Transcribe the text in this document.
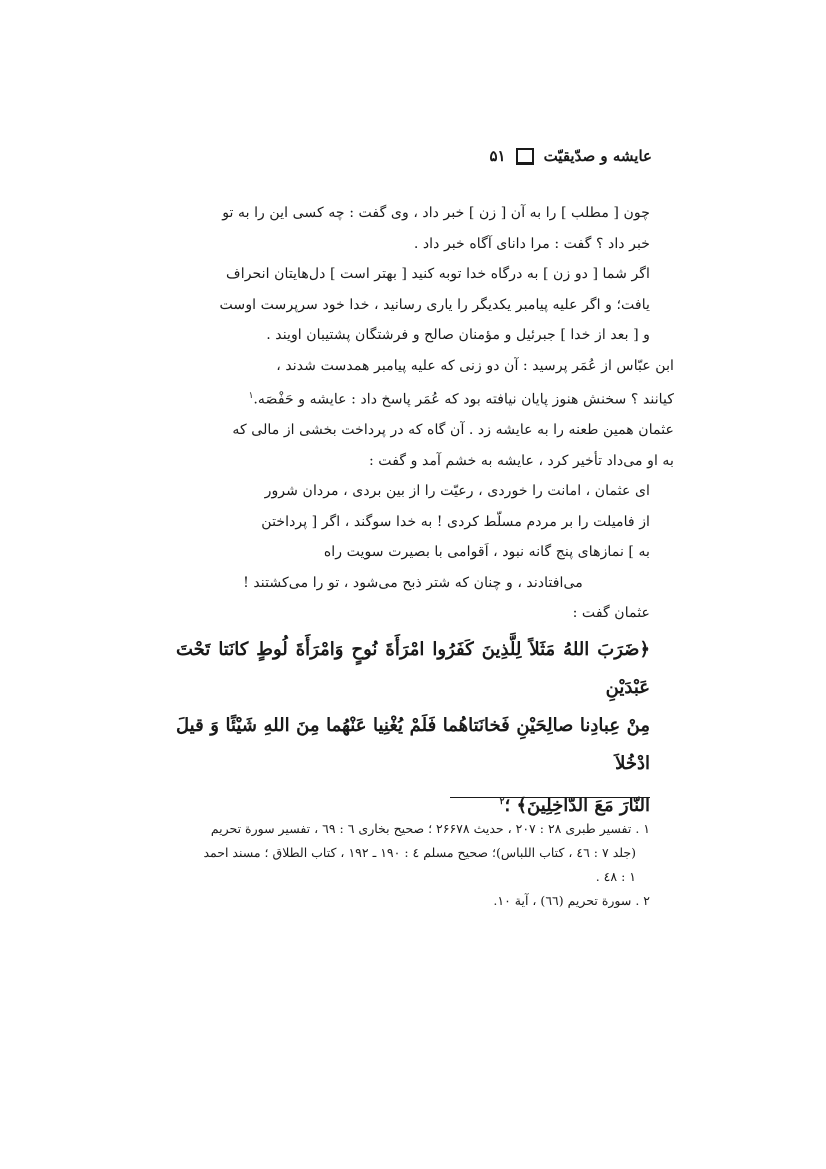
عایشه و صدّیقیّت
۵۱

چون [ مطلب ] را به آن [ زن ] خبر داد ، وی گفت : چه کسی این را به تو

خبر داد ؟ گفت : مرا دانای آگاه خبر داد .

اگر شما [ دو زن ] به درگاه خدا توبه کنید [ بهتر است ] دل‌هایتان انحراف

یافت؛ و اگر علیه پیامبر یکدیگر را یاری رسانید ، خدا خود سرپرست اوست

و [ بعد از خدا ] جبرئیل و مؤمنان صالح و فرشتگان پشتیبان اویند .

ابن عبّاس از عُمَر پرسید : آن دو زنی که علیه پیامبر همدست شدند ،

کیانند ؟ سخنش هنوز پایان نیافته بود که عُمَر پاسخ داد : عایشه و حَفْصَه.$^۱$

عثمان همین طعنه را به عایشه زد . آن گاه که در پرداخت بخشی از مالی که

به او می‌داد تأخیر کرد ، عایشه به خشم آمد و گفت :

ای عثمان ، امانت را خوردی ، رعیّت را از بین بردی ، مردان شرور

از فامیلت را بر مردم مسلّط کردی ! به خدا سوگند ، اگر [ پرداختن

به ] نمازهای پنج گانه نبود ، اَقوامی با بصیرت سویت راه

می‌افتادند ، و چنان که شتر ذبح می‌شود ، تو را می‌کشتند !

عثمان گفت :

﴿ضَرَبَ اللهُ مَثَلاً لِلَّذِينَ كَفَرُوا امْرَأَةَ نُوحٍ وَامْرَأَةَ لُوطٍ كانَتا تَحْتَ عَبْدَيْنِ

مِنْ عِبادِنا صالِحَيْنِ فَخانَتاهُما فَلَمْ يُغْنِيا عَنْهُما مِنَ اللهِ شَيْئًا وَ قيلَ ادْخُلاَ

النّارَ مَعَ الدّاخِلِينَ﴾ ؛$^۲$

۱ . تفسیر طبری ۲۸ : ۲۰۷ ، حدیث ۲۶۶۷۸ ؛ صحیح بخاری ٦ : ٦۹ ، تفسیر سورة تحریم

(جلد ۷ : ٤٦ ، کتاب اللباس)؛ صحیح مسلم ٤ : ۱۹۰ ـ ۱۹۲ ، کتاب الطلاق ؛ مسند احمد

۱ : ٤۸ .

۲ . سورة تحریم (٦٦) ، آیة ۱۰.
